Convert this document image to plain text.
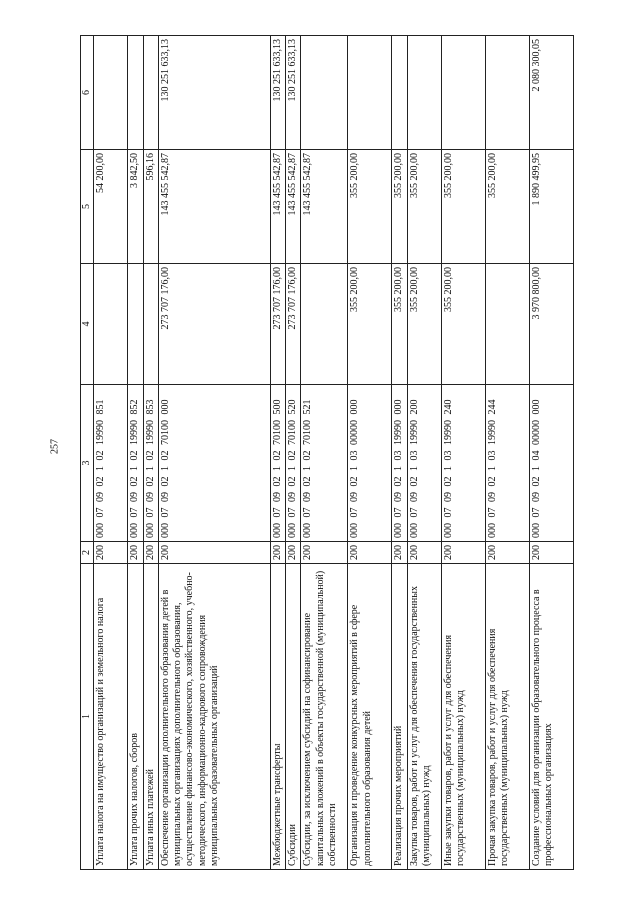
257
1	2	3	4	5	6
Уплата налога на имущество организаций и земельного налога	200	000 07 09 02 1 02 19990 851		54 200,00	
Уплата прочих налогов, сборов	200	000 07 09 02 1 02 19990 852		3 842,50	
Уплата иных платежей	200	000 07 09 02 1 02 19990 853		596,16	
Обеспечение организации дополнительного образования детей в муниципальных организациях дополнительного образования, осуществление финансово-экономического, хозяйственного, учебно-методического, информационно-кадрового сопровождения муниципальных образовательных организаций	200	000 07 09 02 1 02 70100 000	273 707 176,00	143 455 542,87	130 251 633,13
Межбюджетные трансферты	200	000 07 09 02 1 02 70100 500	273 707 176,00	143 455 542,87	130 251 633,13
Субсидии	200	000 07 09 02 1 02 70100 520	273 707 176,00	143 455 542,87	130 251 633,13
Субсидии, за исключением субсидий на софинансирование капитальных вложений в объекты государственной (муниципальной) собственности	200	000 07 09 02 1 02 70100 521		143 455 542,87	
Организация и проведение конкурсных мероприятий в сфере дополнительного образования детей	200	000 07 09 02 1 03 00000 000	355 200,00	355 200,00	
Реализация прочих мероприятий	200	000 07 09 02 1 03 19990 000	355 200,00	355 200,00	
Закупка товаров, работ и услуг для обеспечения государственных (муниципальных) нужд	200	000 07 09 02 1 03 19990 200	355 200,00	355 200,00	
Иные закупки товаров, работ и услуг для обеспечения государственных (муниципальных) нужд	200	000 07 09 02 1 03 19990 240	355 200,00	355 200,00	
Прочая закупка товаров, работ и услуг для обеспечения государственных (муниципальных) нужд	200	000 07 09 02 1 03 19990 244		355 200,00	
Создание условий для организации образовательного процесса в профессиональных организациях	200	000 07 09 02 1 04 00000 000	3 970 800,00	1 890 499,95	2 080 300,05
